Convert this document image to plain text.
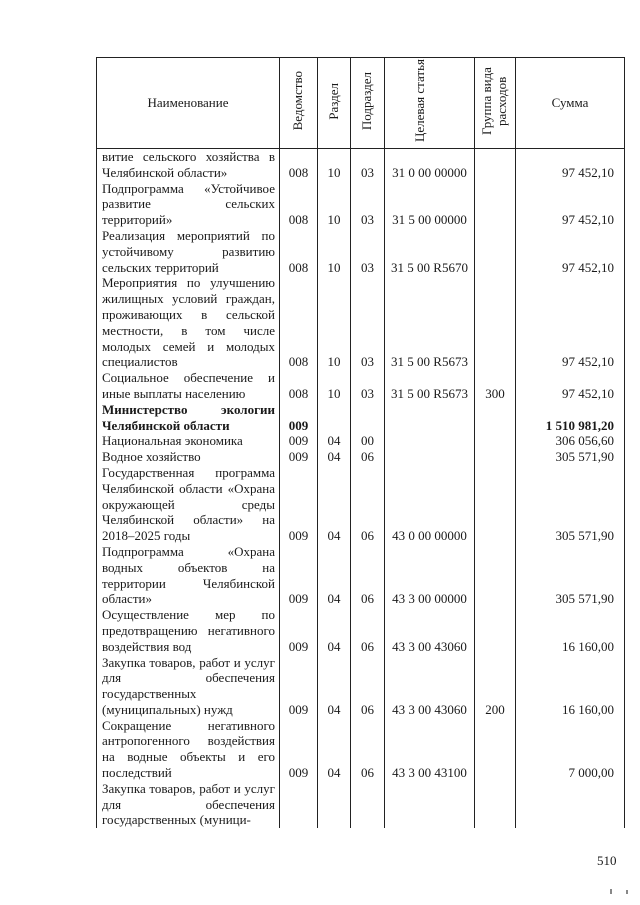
Наименование	Ведомство	Раздел	Подраздел	Целевая статья	Группа вида расходов	Сумма
витие сельского хозяйства в Челябинской области»	008	10	03	31 0 00 00000		97 452,10
Подпрограмма «Устойчивое развитие сельских территорий»	008	10	03	31 5 00 00000		97 452,10
Реализация мероприятий по устойчивому развитию сельских территорий	008	10	03	31 5 00 R5670		97 452,10
Мероприятия по улучшению жилищных условий граждан, проживающих в сельской местности, в том числе молодых семей и молодых специалистов	008	10	03	31 5 00 R5673		97 452,10
Социальное обеспечение и иные выплаты населению	008	10	03	31 5 00 R5673	300	97 452,10
Министерство экологии Челябинской области	009					1 510 981,20
Национальная экономика	009	04	00			306 056,60
Водное хозяйство	009	04	06			305 571,90
Государственная программа Челябинской области «Охрана окружающей среды Челябинской области» на 2018–2025 годы	009	04	06	43 0 00 00000		305 571,90
Подпрограмма «Охрана водных объектов на территории Челябинской области»	009	04	06	43 3 00 00000		305 571,90
Осуществление мер по предотвращению негативного воздействия вод	009	04	06	43 3 00 43060		16 160,00
Закупка товаров, работ и услуг для обеспечения государственных (муниципальных) нужд	009	04	06	43 3 00 43060	200	16 160,00
Сокращение негативного антропогенного воздействия на водные объекты и его последствий	009	04	06	43 3 00 43100		7 000,00
Закупка товаров, работ и услуг для обеспечения государственных (муници-						
510
